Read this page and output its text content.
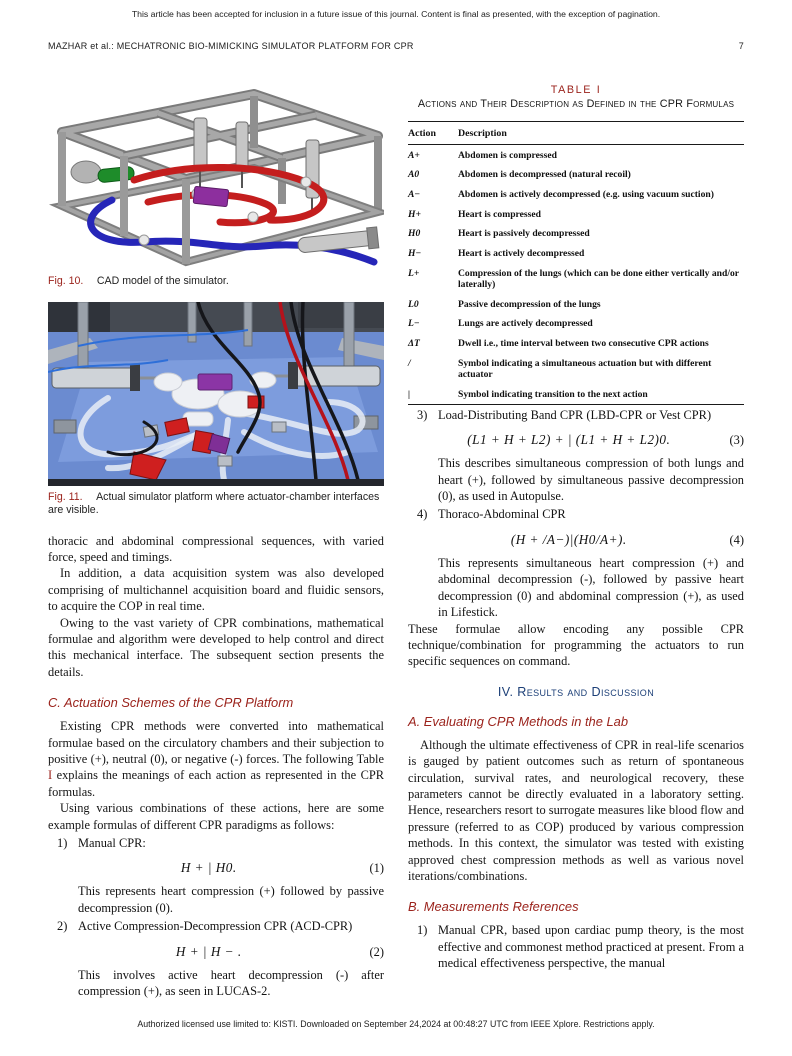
This article has been accepted for inclusion in a future issue of this journal. Content is final as presented, with the exception of pagination.
MAZHAR et al.: MECHATRONIC BIO-MIMICKING SIMULATOR PLATFORM FOR CPR	7
Fig. 10.   CAD model of the simulator.
Fig. 11.   Actual simulator platform where actuator-chamber interfaces are visible.

thoracic and abdominal compressional sequences, with varied force, speed and timings.

In addition, a data acquisition system was also developed comprising of multichannel acquisition board and fluidic sensors, to acquire the COP in real time.

Owing to the vast variety of CPR combinations, mathematical formulae and algorithm were developed to help control and direct this mechanical interface. The subsequent section presents the details.

C. Actuation Schemes of the CPR Platform

Existing CPR methods were converted into mathematical formulae based on the circulatory chambers and their subjection to positive (+), neutral (0), or negative (-) forces. The following Table I explains the meanings of each action as represented in the CPR formulas.

Using various combinations of these actions, here are some example formulas of different CPR paradigms as follows:

1) Manual CPR:
H + | H0.	(1)

This represents heart compression (+) followed by passive decompression (0).

2) Active Compression-Decompression CPR (ACD-CPR)
H + | H − .	(2)

This involves active heart decompression (-) after compression (+), as seen in LUCAS-2.

TABLE I
Actions and Their Description as Defined in the CPR Formulas
Action	Description
A+	Abdomen is compressed
A0	Abdomen is decompressed (natural recoil)
A−	Abdomen is actively decompressed (e.g. using vacuum suction)
H+	Heart is compressed
H0	Heart is passively decompressed
H−	Heart is actively decompressed
L+	Compression of the lungs (which can be done either vertically and/or laterally)
L0	Passive decompression of the lungs
L−	Lungs are actively decompressed
ΔT	Dwell i.e., time interval between two consecutive CPR actions
/	Symbol indicating a simultaneous actuation but with different actuator
|	Symbol indicating transition to the next action
3) Load-Distributing Band CPR (LBD-CPR or Vest CPR)
(L1 + H + L2) + | (L1 + H + L2)0.	(3)

This describes simultaneous compression of both lungs and heart (+), followed by simultaneous passive decompression (0), as used in Autopulse.

4) Thoraco-Abdominal CPR
(H + /A−)|(H0/A+).	(4)

This represents simultaneous heart compression (+) and abdominal decompression (-), followed by passive heart decompression (0) and abdominal compression (+), as used in Lifestick.

These formulae allow encoding any possible CPR technique/combination for programming the actuators to run specific sequences on command.

IV. Results and Discussion
A. Evaluating CPR Methods in the Lab

Although the ultimate effectiveness of CPR in real-life scenarios is gauged by patient outcomes such as return of spontaneous circulation, survival rates, and neurological recovery, these parameters cannot be directly evaluated in a laboratory setting. Hence, researchers resort to surrogate measures like blood flow and pressure (referred to as COP) produced by various compression methods. In this context, the simulator was tested with existing approved chest compression methods as well as various novel iterations/combinations.

B. Measurements References
1) Manual CPR, based upon cardiac pump theory, is the most effective and commonest method practiced at present. From a medical effectiveness perspective, the manual
Authorized licensed use limited to: KISTI. Downloaded on September 24,2024 at 00:48:27 UTC from IEEE Xplore. Restrictions apply.
